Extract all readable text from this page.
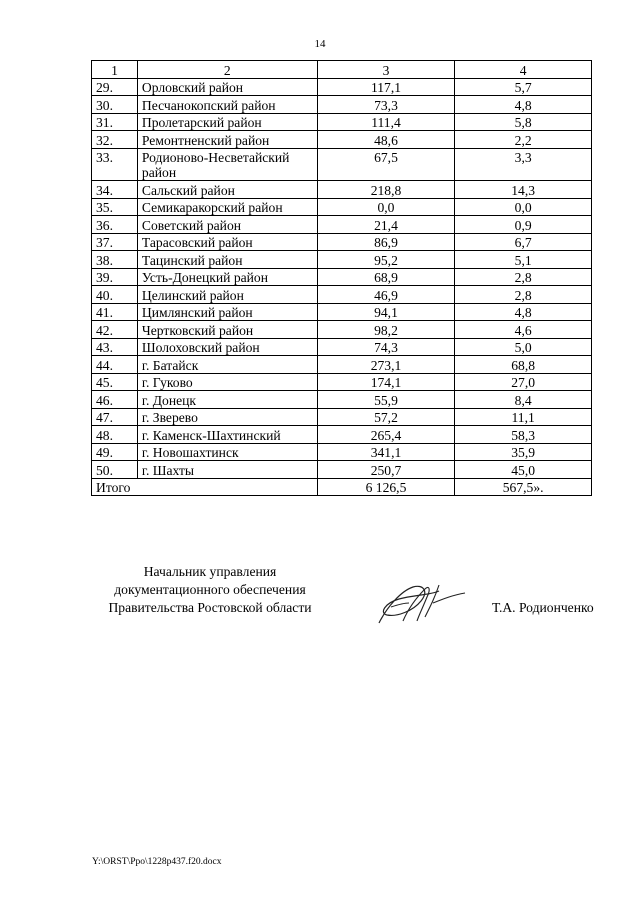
14
1	2	3	4
29.	Орловский район	117,1	5,7
30.	Песчанокопский район	73,3	4,8
31.	Пролетарский район	111,4	5,8
32.	Ремонтненский район	48,6	2,2
33.	Родионово-Несветайский район	67,5	3,3
34.	Сальский район	218,8	14,3
35.	Семикаракорский район	0,0	0,0
36.	Советский район	21,4	0,9
37.	Тарасовский район	86,9	6,7
38.	Тацинский район	95,2	5,1
39.	Усть-Донецкий район	68,9	2,8
40.	Целинский район	46,9	2,8
41.	Цимлянский район	94,1	4,8
42.	Чертковский район	98,2	4,6
43.	Шолоховский район	74,3	5,0
44.	г. Батайск	273,1	68,8
45.	г. Гуково	174,1	27,0
46.	г. Донецк	55,9	8,4
47.	г. Зверево	57,2	11,1
48.	г. Каменск-Шахтинский	265,4	58,3
49.	г. Новошахтинск	341,1	35,9
50.	г. Шахты	250,7	45,0
Итого		6 126,5	567,5».
Начальник управления
документационного обеспечения
Правительства Ростовской области	Т.А. Родионченко
Y:\ORST\Ppo\1228p437.f20.docx
